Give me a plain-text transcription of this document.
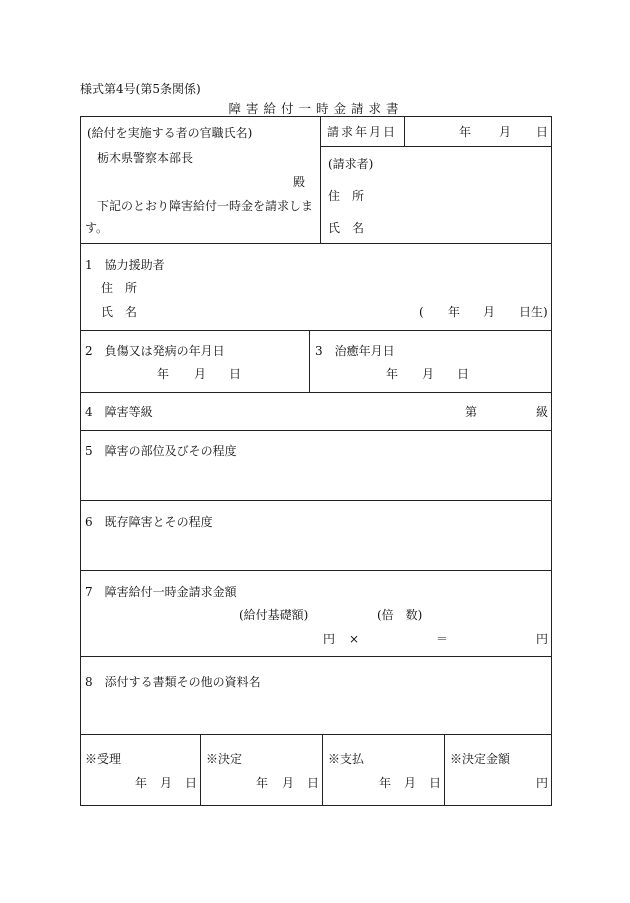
様式第4号(第5条関係)
障害給付一時金請求書
(給付を実施する者の官職氏名)
栃木県警察本部長
殿
下記のとおり障害給付一時金を請求しま
す。
請求年月日	年 月 日
(請求者)
住　所
氏　名
1　協力援助者
住　所
氏　名	( 年 月 日生)
2　負傷又は発病の年月日
年 月 日
3　治癒年月日
年 月 日
4　障害等級	第	級
5　障害の部位及びその程度
6　既存障害とその程度
7　障害給付一時金請求金額
(給付基礎額)	(倍　数)
円 ×	＝	円
8　添付する書類その他の資料名
※受理
年 月 日
※決定
年 月 日
※支払
年 月 日
※決定金額
円
